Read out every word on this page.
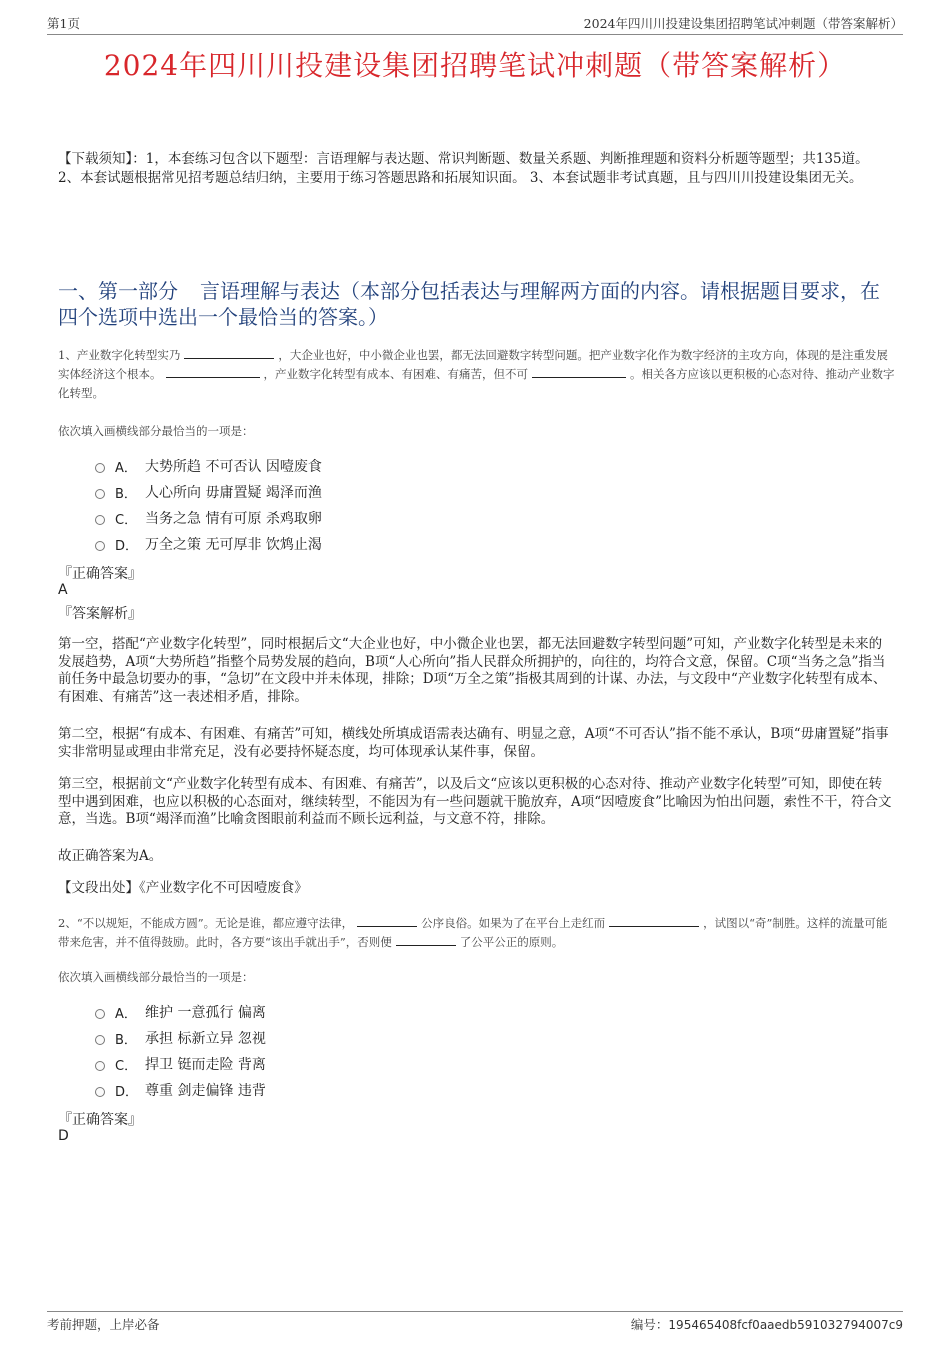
第1页	2024年四川川投建设集团招聘笔试冲刺题（带答案解析）
2024年四川川投建设集团招聘笔试冲刺题（带答案解析）
【下载须知】：1，本套练习包含以下题型：言语理解与表达题、常识判断题、数量关系题、判断推理题和资料分析题等题型；共135道。 2、本套试题根据常见招考题总结归纳，主要用于练习答题思路和拓展知识面。 3、本套试题非考试真题，且与四川川投建设集团无关。
一、第一部分 言语理解与表达（本部分包括表达与理解两方面的内容。请根据题目要求，在四个选项中选出一个最恰当的答案。）
1、产业数字化转型实乃	，大企业也好，中小微企业也罢，都无法回避数字转型问题。把产业数字化作为数字经济的主攻方向，体现的是注重发展实体经济这个根本。	，产业数字化转型有成本、有困难、有痛苦，但不可	。相关各方应该以更积极的心态对待、推动产业数字化转型。
依次填入画横线部分最恰当的一项是：
A． 大势所趋 不可否认 因噎废食
B． 人心所向 毋庸置疑 竭泽而渔
C． 当务之急 情有可原 杀鸡取卵
D． 万全之策 无可厚非 饮鸩止渴
『正确答案』
A
『答案解析』
第一空，搭配“产业数字化转型”，同时根据后文“大企业也好，中小微企业也罢，都无法回避数字转型问题”可知，产业数字化转型是未来的发展趋势，A项“大势所趋”指整个局势发展的趋向，B项“人心所向”指人民群众所拥护的，向往的，均符合文意，保留。C项“当务之急”指当前任务中最急切要办的事，“急切”在文段中并未体现，排除；D项“万全之策”指极其周到的计谋、办法，与文段中“产业数字化转型有成本、有困难、有痛苦”这一表述相矛盾，排除。
第二空，根据“有成本、有困难、有痛苦”可知，横线处所填成语需表达确有、明显之意，A项“不可否认”指不能不承认，B项“毋庸置疑”指事实非常明显或理由非常充足，没有必要持怀疑态度，均可体现承认某件事，保留。
第三空，根据前文“产业数字化转型有成本、有困难、有痛苦”，以及后文“应该以更积极的心态对待、推动产业数字化转型”可知，即使在转型中遇到困难，也应以积极的心态面对，继续转型，不能因为有一些问题就干脆放弃，A项“因噎废食”比喻因为怕出问题，索性不干，符合文意，当选。B项“竭泽而渔”比喻贪图眼前利益而不顾长远利益，与文意不符，排除。
故正确答案为A。
【文段出处】《产业数字化不可因噎废食》
2、“不以规矩，不能成方圆”。无论是谁，都应遵守法律，	公序良俗。如果为了在平台上走红而	，试图以“奇”制胜。这样的流量可能带来危害，并不值得鼓励。此时，各方要“该出手就出手”，否则便	了公平公正的原则。
依次填入画横线部分最恰当的一项是：
A． 维护 一意孤行 偏离
B． 承担 标新立异 忽视
C． 捍卫 铤而走险 背离
D． 尊重 剑走偏锋 违背
『正确答案』
D
考前押题，上岸必备	编号：195465408fcf0aaedb591032794007c9
